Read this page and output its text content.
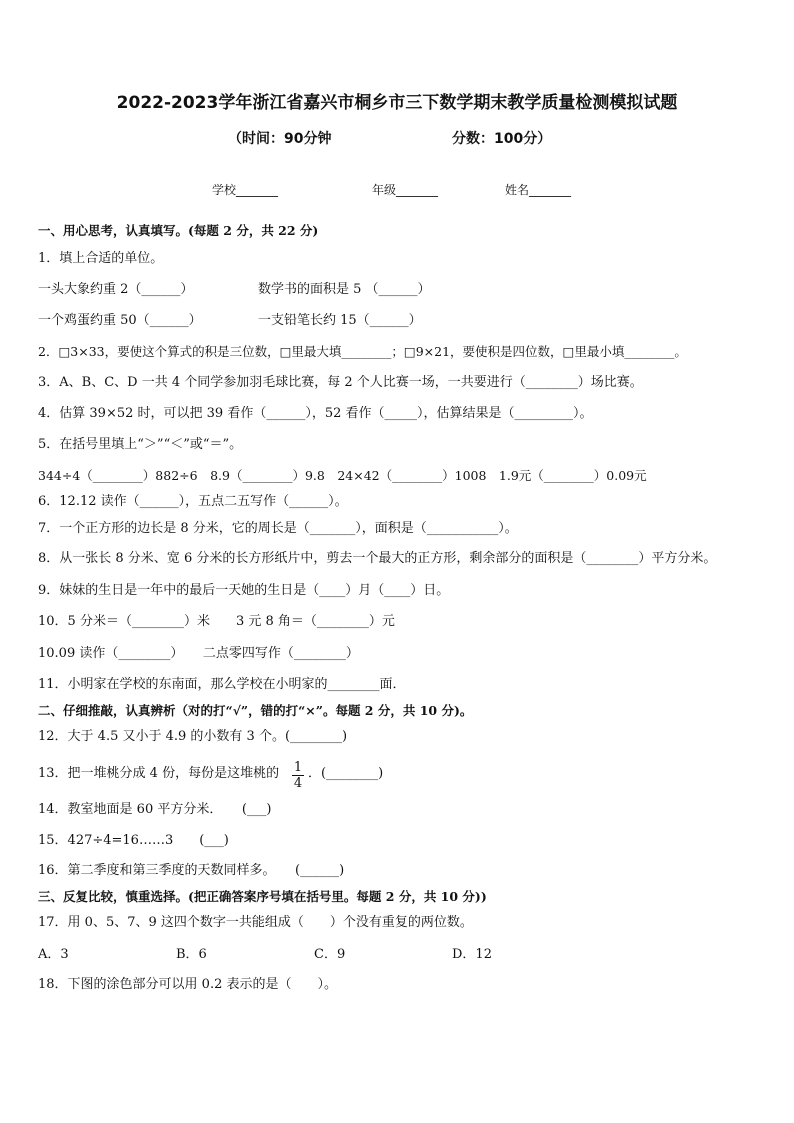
2022-2023学年浙江省嘉兴市桐乡市三下数学期末教学质量检测模拟试题
（时间：90分钟	分数：100分）
学校_______	年级_______	姓名_______
一、用心思考，认真填写。(每题 2 分，共 22 分)
1．填上合适的单位。
一头大象约重 2（______）	数学书的面积是 5 （______）
一个鸡蛋约重 50（______）	一支铅笔长约 15（______）
2．□3×33，要使这个算式的积是三位数，□里最大填________；□9×21，要使积是四位数，□里最小填________。
3．A、B、C、D 一共 4 个同学参加羽毛球比赛，每 2 个人比赛一场，一共要进行（________）场比赛。
4．估算 39×52 时，可以把 39 看作（______），52 看作（_____），估算结果是（_________）。
5．在括号里填上“＞”“＜”或“＝”。
344÷4（________）882÷6　8.9（________）9.8　24×42（________）1008　1.9元（________）0.09元
6．12.12 读作（______），五点二五写作（______）。
7．一个正方形的边长是 8 分米，它的周长是（_______），面积是（___________）。
8．从一张长 8 分米、宽 6 分米的长方形纸片中，剪去一个最大的正方形，剩余部分的面积是（________）平方分米。
9．妹妹的生日是一年中的最后一天她的生日是（____）月（____）日。
10．5 分米＝（________）米　　3 元 8 角＝（________）元
10.09 读作（________）　　二点零四写作（________）
11．小明家在学校的东南面，那么学校在小明家的________面．
二、仔细推敲，认真辨析（对的打“√”，错的打“×”。每题 2 分，共 10 分)。
12．大于 4.5 又小于 4.9 的小数有 3 个。(________)
13．把一堆桃分成 4 份，每份是这堆桃的 $\frac{1}{4}$ ．(________)
14．教室地面是 60 平方分米．　　(___)
15．427÷4=16……3　　(___)
16．第二季度和第三季度的天数同样多。　　(______)
三、反复比较，慎重选择。(把正确答案序号填在括号里。每题 2 分，共 10 分))
17．用 0、5、7、9 这四个数字一共能组成（　　）个没有重复的两位数。
A．3	B．6	C．9	D．12
18．下图的涂色部分可以用 0.2 表示的是（　　）。
